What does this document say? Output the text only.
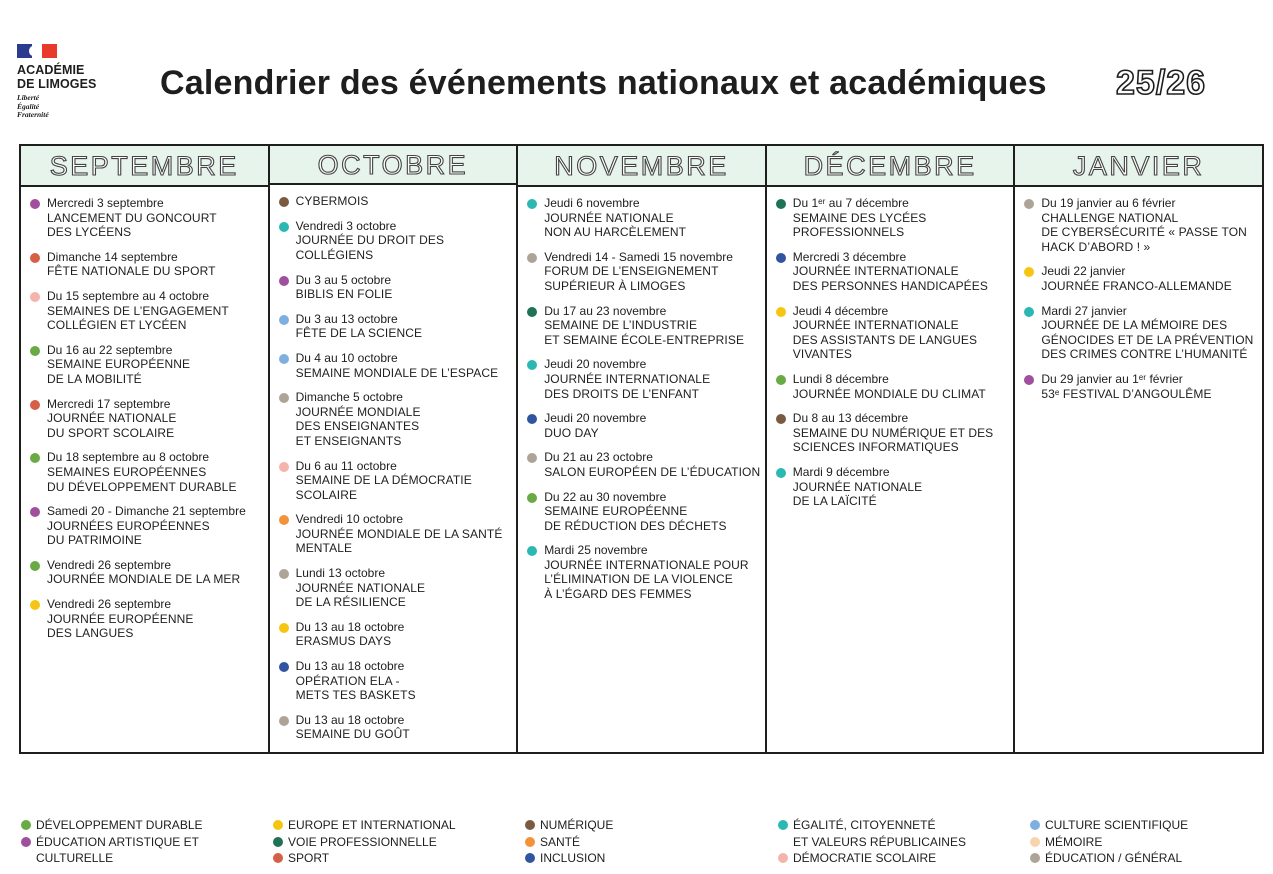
ACADÉMIE
DE LIMOGES
Liberté
Égalité
Fraternité
Calendrier des événements nationaux et académiques 25/26
SEPTEMBRE
Mercredi 3 septembre
LANCEMENT DU GONCOURT
DES LYCÉENS
Dimanche 14 septembre
FÊTE NATIONALE DU SPORT
Du 15 septembre au 4 octobre
SEMAINES DE L’ENGAGEMENT
COLLÉGIEN ET LYCÉEN
Du 16 au 22 septembre
SEMAINE EUROPÉENNE
DE LA MOBILITÉ
Mercredi 17 septembre
JOURNÉE NATIONALE
DU SPORT SCOLAIRE
Du 18 septembre au 8 octobre
SEMAINES EUROPÉENNES
DU DÉVELOPPEMENT DURABLE
Samedi 20 - Dimanche 21 septembre
JOURNÉES EUROPÉENNES
DU PATRIMOINE
Vendredi 26 septembre
JOURNÉE MONDIALE DE LA MER
Vendredi 26 septembre
JOURNÉE EUROPÉENNE
DES LANGUES
OCTOBRE
CYBERMOIS
Vendredi 3 octobre
JOURNÉE DU DROIT DES COLLÉGIENS
Du 3 au 5 octobre
BIBLIS EN FOLIE
Du 3 au 13 octobre
FÊTE DE LA SCIENCE
Du 4 au 10 octobre
SEMAINE MONDIALE DE L’ESPACE
Dimanche 5 octobre
JOURNÉE MONDIALE
DES ENSEIGNANTES
ET ENSEIGNANTS
Du 6 au 11 octobre
SEMAINE DE LA DÉMOCRATIE
SCOLAIRE
Vendredi 10 octobre
JOURNÉE MONDIALE DE LA SANTÉ
MENTALE
Lundi 13 octobre
JOURNÉE NATIONALE
DE LA RÉSILIENCE
Du 13 au 18 octobre
ERASMUS DAYS
Du 13 au 18 octobre
OPÉRATION ELA -
METS TES BASKETS
Du 13 au 18 octobre
SEMAINE DU GOÛT
NOVEMBRE
Jeudi 6 novembre
JOURNÉE NATIONALE
NON AU HARCÈLEMENT
Vendredi 14 - Samedi 15 novembre
FORUM DE L’ENSEIGNEMENT
SUPÉRIEUR À LIMOGES
Du 17 au 23 novembre
SEMAINE DE L’INDUSTRIE
ET SEMAINE ÉCOLE-ENTREPRISE
Jeudi 20 novembre
JOURNÉE INTERNATIONALE
DES DROITS DE L’ENFANT
Jeudi 20 novembre
DUO DAY
Du 21 au 23 octobre
SALON EUROPÉEN DE L’ÉDUCATION
Du 22 au 30 novembre
SEMAINE EUROPÉENNE
DE RÉDUCTION DES DÉCHETS
Mardi 25 novembre
JOURNÉE INTERNATIONALE POUR
L’ÉLIMINATION DE LA VIOLENCE
À L’ÉGARD DES FEMMES
DÉCEMBRE
Du 1ᵉʳ au 7 décembre
SEMAINE DES LYCÉES
PROFESSIONNELS
Mercredi 3 décembre
JOURNÉE INTERNATIONALE
DES PERSONNES HANDICAPÉES
Jeudi 4 décembre
JOURNÉE INTERNATIONALE
DES ASSISTANTS DE LANGUES
VIVANTES
Lundi 8 décembre
JOURNÉE MONDIALE DU CLIMAT
Du 8 au 13 décembre
SEMAINE DU NUMÉRIQUE ET DES
SCIENCES INFORMATIQUES
Mardi 9 décembre
JOURNÉE NATIONALE
DE LA LAÏCITÉ
JANVIER
Du 19 janvier au 6 février
CHALLENGE NATIONAL
DE CYBERSÉCURITÉ « PASSE TON
HACK D’ABORD ! »
Jeudi 22 janvier
JOURNÉE FRANCO-ALLEMANDE
Mardi 27 janvier
JOURNÉE DE LA MÉMOIRE DES
GÉNOCIDES ET DE LA PRÉVENTION
DES CRIMES CONTRE L’HUMANITÉ
Du 29 janvier au 1ᵉʳ février
53ᵉ FESTIVAL D’ANGOULÊME
DÉVELOPPEMENT DURABLE
ÉDUCATION ARTISTIQUE ET
CULTURELLE
EUROPE ET INTERNATIONAL
VOIE PROFESSIONNELLE
SPORT
NUMÉRIQUE
SANTÉ
INCLUSION
ÉGALITÉ, CITOYENNETÉ
ET VALEURS RÉPUBLICAINES
DÉMOCRATIE SCOLAIRE
CULTURE SCIENTIFIQUE
MÉMOIRE
ÉDUCATION / GÉNÉRAL
